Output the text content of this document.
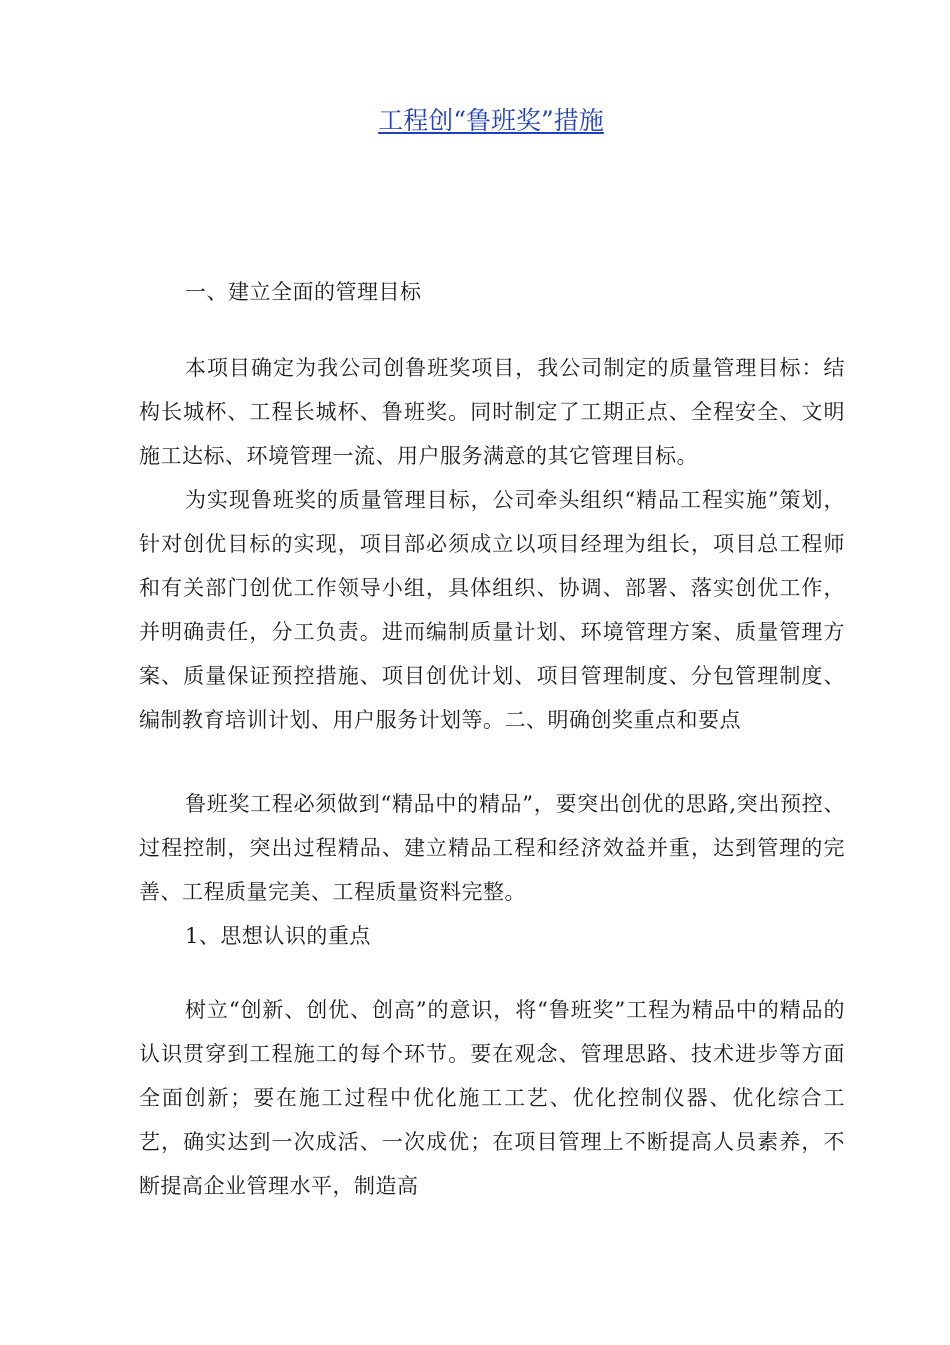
工程创“鲁班奖”措施

一、建立全面的管理目标

本项目确定为我公司创鲁班奖项目，我公司制定的质量管理目标：结构长城杯、工程长城杯、鲁班奖。同时制定了工期正点、全程安全、文明施工达标、环境管理一流、用户服务满意的其它管理目标。

为实现鲁班奖的质量管理目标，公司牵头组织“精品工程实施”策划，针对创优目标的实现，项目部必须成立以项目经理为组长，项目总工程师和有关部门创优工作领导小组，具体组织、协调、部署、落实创优工作，并明确责任，分工负责。进而编制质量计划、环境管理方案、质量管理方案、质量保证预控措施、项目创优计划、项目管理制度、分包管理制度、编制教育培训计划、用户服务计划等。二、明确创奖重点和要点

鲁班奖工程必须做到“精品中的精品”，要突出创优的思路,突出预控、过程控制，突出过程精品、建立精品工程和经济效益并重，达到管理的完善、工程质量完美、工程质量资料完整。

1、思想认识的重点

树立“创新、创优、创高”的意识，将“鲁班奖”工程为精品中的精品的认识贯穿到工程施工的每个环节。要在观念、管理思路、技术进步等方面全面创新；要在施工过程中优化施工工艺、优化控制仪器、优化综合工艺，确实达到一次成活、一次成优；在项目管理上不断提高人员素养，不断提高企业管理水平，制造高
